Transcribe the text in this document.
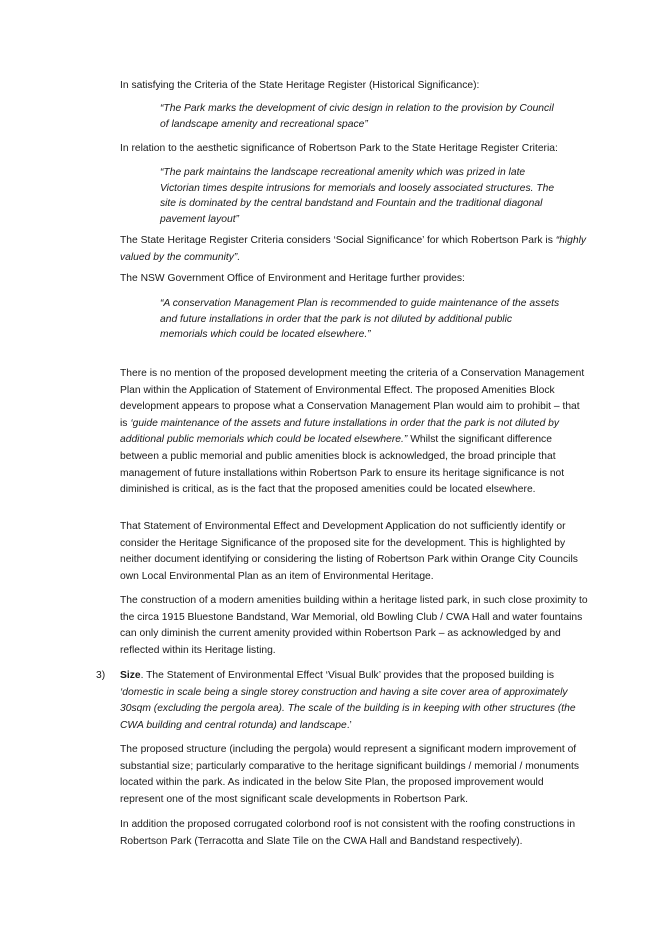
In satisfying the Criteria of the State Heritage Register (Historical Significance):

“The Park marks the development of civic design in relation to the provision by Council of landscape amenity and recreational space”

In relation to the aesthetic significance of Robertson Park to the State Heritage Register Criteria:

“The park maintains the landscape recreational amenity which was prized in late Victorian times despite intrusions for memorials and loosely associated structures. The site is dominated by the central bandstand and Fountain and the traditional diagonal pavement layout”

The State Heritage Register Criteria considers ‘Social Significance’ for which Robertson Park is “highly valued by the community”.

The NSW Government Office of Environment and Heritage further provides:

“A conservation Management Plan is recommended to guide maintenance of the assets and future installations in order that the park is not diluted by additional public memorials which could be located elsewhere.”

There is no mention of the proposed development meeting the criteria of a Conservation Management Plan within the Application of Statement of Environmental Effect. The proposed Amenities Block development appears to propose what a Conservation Management Plan would aim to prohibit – that is ‘guide maintenance of the assets and future installations in order that the park is not diluted by additional public memorials which could be located elsewhere.” Whilst the significant difference between a public memorial and public amenities block is acknowledged, the broad principle that management of future installations within Robertson Park to ensure its heritage significance is not diminished is critical, as is the fact that the proposed amenities could be located elsewhere.

That Statement of Environmental Effect and Development Application do not sufficiently identify or consider the Heritage Significance of the proposed site for the development. This is highlighted by neither document identifying or considering the listing of Robertson Park within Orange City Councils own Local Environmental Plan as an item of Environmental Heritage.

The construction of a modern amenities building within a heritage listed park, in such close proximity to the circa 1915 Bluestone Bandstand, War Memorial, old Bowling Club / CWA Hall and water fountains can only diminish the current amenity provided within Robertson Park – as acknowledged by and reflected within its Heritage listing.

3) Size. The Statement of Environmental Effect ‘Visual Bulk’ provides that the proposed building is ‘domestic in scale being a single storey construction and having a site cover area of approximately 30sqm (excluding the pergola area). The scale of the building is in keeping with other structures (the CWA building and central rotunda) and landscape.’

The proposed structure (including the pergola) would represent a significant modern improvement of substantial size; particularly comparative to the heritage significant buildings / memorial / monuments located within the park. As indicated in the below Site Plan, the proposed improvement would represent one of the most significant scale developments in Robertson Park.

In addition the proposed corrugated colorbond roof is not consistent with the roofing constructions in Robertson Park (Terracotta and Slate Tile on the CWA Hall and Bandstand respectively).
